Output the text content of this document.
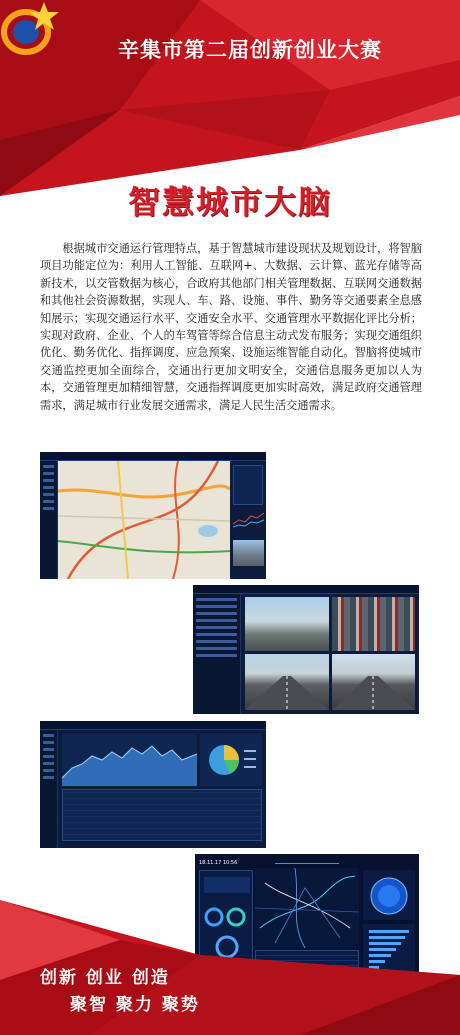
辛集市第二届创新创业大赛
智慧城市大脑

根据城市交通运行管理特点，基于智慧城市建设现状及规划设计，将智脑项目功能定位为：利用人工智能、互联网+、大数据、云计算、蓝光存储等高新技术，以交管数据为核心，合政府其他部门相关管理数据、互联网交通数据和其他社会资源数据，实现人、车、路、设施、事件、勤务等交通要素全息感知展示；实现交通运行水平、交通安全水平、交通管理水平数据化评比分析；实现对政府、企业、个人的车驾管等综合信息主动式发布服务；实现交通组织优化、勤务优化、指挥调度、应急预案、设施运维智能自动化。智脑将使城市交通监控更加全面综合，交通出行更加文明安全，交通信息服务更加以人为本，交通管理更加精细智慧，交通指挥调度更加实时高效，满足政府交通管理需求，满足城市行业发展交通需求，满足人民生活交通需求。

18.11.17 10:56
创新 创业 创造
聚智 聚力 聚势
